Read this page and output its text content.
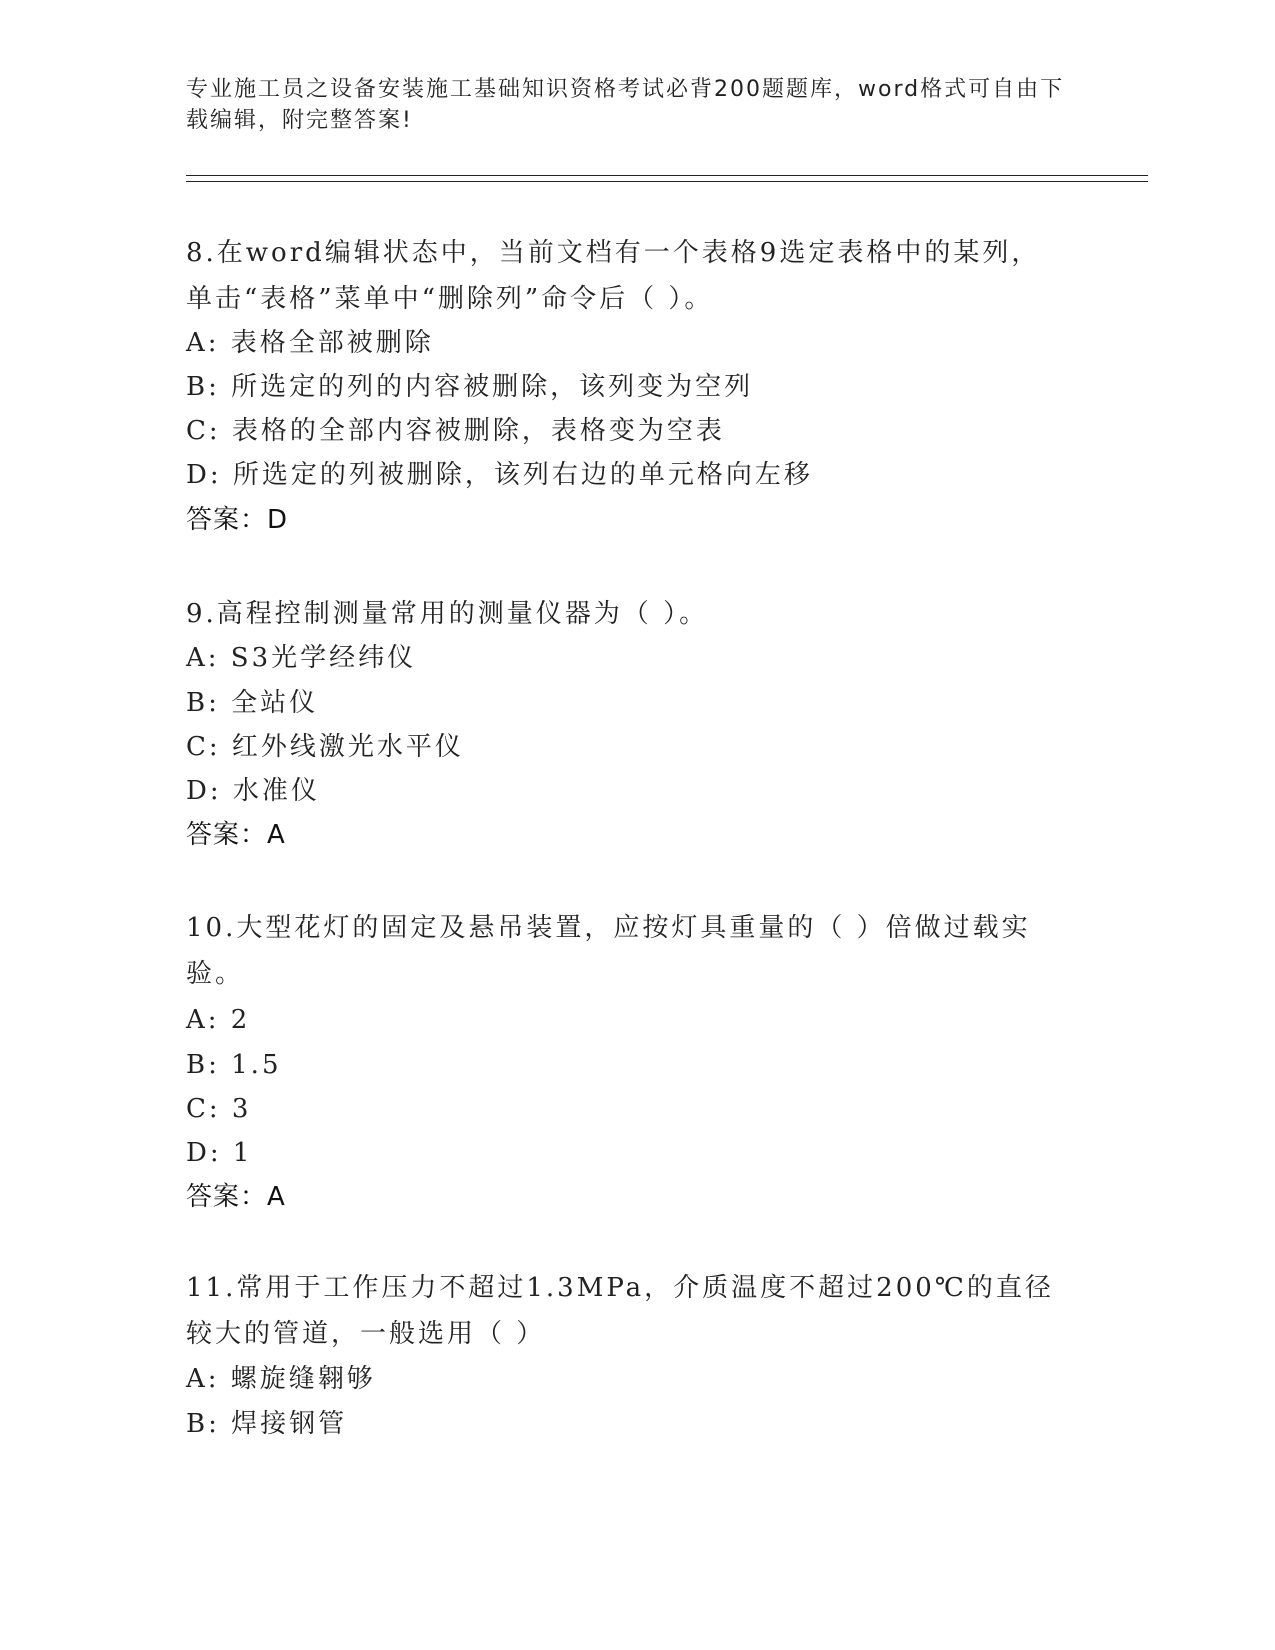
专业施工员之设备安装施工基础知识资格考试必背200题题库，word格式可自由下载编辑，附完整答案!
8.在word编辑状态中，当前文档有一个表格9选定表格中的某列，单击“表格”菜单中“删除列”命令后（ ）。
A: 表格全部被删除
B: 所选定的列的内容被删除，该列变为空列
C: 表格的全部内容被删除，表格变为空表
D: 所选定的列被删除，该列右边的单元格向左移
答案：D
9.高程控制测量常用的测量仪器为（ ）。
A: S3光学经纬仪
B: 全站仪
C: 红外线激光水平仪
D: 水准仪
答案：A
10.大型花灯的固定及悬吊装置，应按灯具重量的（ ）倍做过载实验。
A: 2
B: 1.5
C: 3
D: 1
答案：A
11.常用于工作压力不超过1.3MPa，介质温度不超过200℃的直径较大的管道，一般选用（ ）
A: 螺旋缝翱够
B: 焊接钢管
